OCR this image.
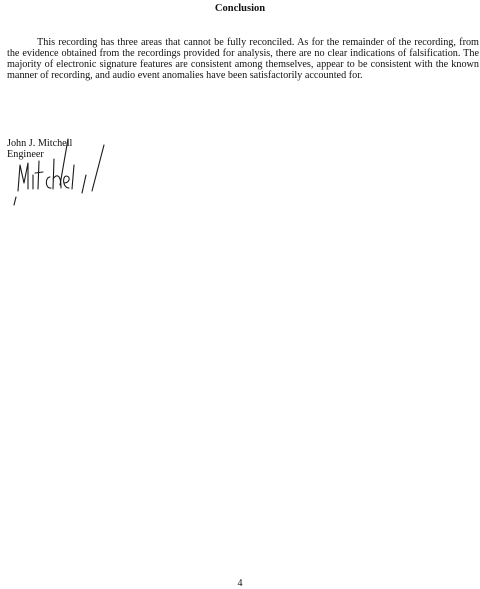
Conclusion

This recording has three areas that cannot be fully reconciled. As for the remainder of the recording, from the evidence obtained from the recordings provided for analysis, there are no clear indications of falsification. The majority of electronic signature features are consistent among themselves, appear to be consistent with the known manner of recording, and audio event anomalies have been satisfactorily accounted for.

John J. Mitchell
Engineer
4
